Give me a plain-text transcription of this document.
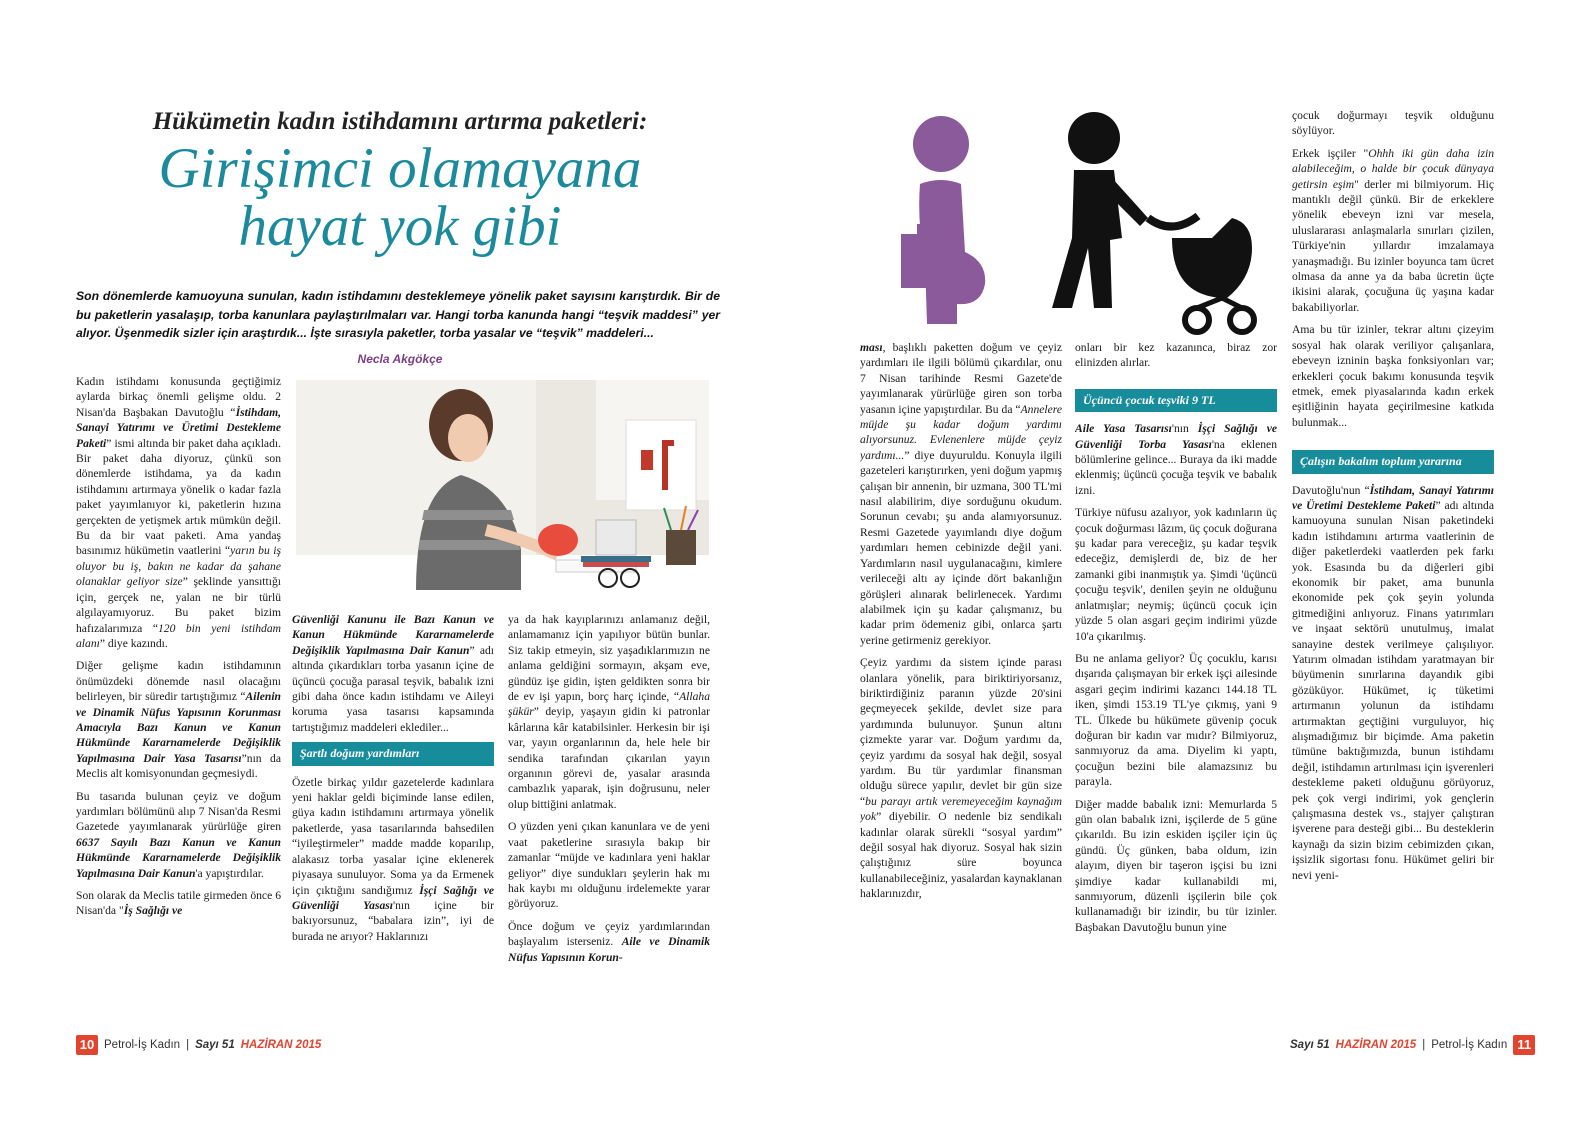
Hükümetin kadın istihdamını artırma paketleri:
Girişimci olamayana
hayat yok gibi
Son dönemlerde kamuoyuna sunulan, kadın istihdamını desteklemeye yönelik paket sayısını karıştırdık. Bir de bu paketlerin yasalaşıp, torba kanunlara paylaştırılmaları var. Hangi torba kanunda hangi “teşvik maddesi” yer alıyor. Üşenmedik sizler için araştırdık... İşte sırasıyla paketler, torba yasalar ve “teşvik” maddeleri...
Necla Akgökçe

Kadın istihdamı konusunda geçtiğimiz aylarda birkaç önemli gelişme oldu. 2 Nisan'da Başbakan Davutoğlu “İstihdam, Sanayi Yatırımı ve Üretimi Destekleme Paketi” ismi altında bir paket daha açıkladı. Bir paket daha diyoruz, çünkü son dönemlerde istihdama, ya da kadın istihdamını artırmaya yönelik o kadar fazla paket yayımlanıyor ki, paketlerin hızına gerçekten de yetişmek artık mümkün değil. Bu da bir vaat paketi. Ama yandaş basınımız hükümetin vaatlerini “yarın bu iş oluyor bu iş, bakın ne kadar da şahane olanaklar geliyor size” şeklinde yansıttığı için, gerçek ne, yalan ne bir türlü algılayamıyoruz. Bu paket bizim hafızalarımıza “120 bin yeni istihdam alanı” diye kazındı.

Diğer gelişme kadın istihdamının önümüzdeki dönemde nasıl olacağını belirleyen, bir süredir tartıştığımız “Ailenin ve Dinamik Nüfus Yapısının Korunması Amacıyla Bazı Kanun ve Kanun Hükmünde Kararnamelerde Değişiklik Yapılmasına Dair Yasa Tasarısı”nın da Meclis alt komisyonundan geçmesiydi.

Bu tasarıda bulunan çeyiz ve doğum yardımları bölümünü alıp 7 Nisan'da Resmi Gazetede yayımlanarak yürürlüğe giren 6637 Sayılı Bazı Kanun ve Kanun Hükmünde Kararnamelerde Değişiklik Yapılmasına Dair Kanun'a yapıştırdılar.

Son olarak da Meclis tatile girmeden önce 6 Nisan'da "İş Sağlığı ve

Güvenliği Kanunu ile Bazı Kanun ve Kanun Hükmünde Kararnamelerde Değişiklik Yapılmasına Dair Kanun” adı altında çıkardıkları torba yasanın içine de üçüncü çocuğa parasal teşvik, babalık izni gibi daha önce kadın istihdamı ve Aileyi koruma yasa tasarısı kapsamında tartıştığımız maddeleri eklediler...

Şartlı doğum yardımları

Özetle birkaç yıldır gazetelerde kadınlara yeni haklar geldi biçiminde lanse edilen, güya kadın istihdamını artırmaya yönelik paketlerde, yasa tasarılarında bahsedilen “iyileştirmeler” madde madde koparılıp, alakasız torba yasalar içine eklenerek piyasaya sunuluyor. Soma ya da Ermenek için çıktığını sandığımız İşçi Sağlığı ve Güvenliği Yasası'nın içine bir bakıyorsunuz, “babalara izin”, iyi de burada ne arıyor? Haklarınızı

ya da hak kayıplarınızı anlamanız değil, anlamamanız için yapılıyor bütün bunlar. Siz takip etmeyin, siz yaşadıklarımızın ne anlama geldiğini sormayın, akşam eve, gündüz işe gidin, işten geldikten sonra bir de ev işi yapın, borç harç içinde, “Allaha şükür” deyip, yaşayın gidin ki patronlar kârlarına kâr katabilsinler. Herkesin bir işi var, yayın organlarının da, hele hele bir sendika tarafından çıkarılan yayın organının görevi de, yasalar arasında cambazlık yaparak, işin doğrusunu, neler olup bittiğini anlatmak.

O yüzden yeni çıkan kanunlara ve de yeni vaat paketlerine sırasıyla bakıp bir zamanlar “müjde ve kadınlara yeni haklar geliyor” diye sundukları şeylerin hak mı hak kaybı mı olduğunu irdelemekte yarar görüyoruz.

Önce doğum ve çeyiz yardımlarından başlayalım isterseniz. Aile ve Dinamik Nüfus Yapısının Korun-

ması, başlıklı paketten doğum ve çeyiz yardımları ile ilgili bölümü çıkardılar, onu 7 Nisan tarihinde Resmi Gazete'de yayımlanarak yürürlüğe giren son torba yasanın içine yapıştırdılar. Bu da “Annelere müjde şu kadar doğum yardımı alıyorsunuz. Evlenenlere müjde çeyiz yardımı...” diye duyuruldu. Konuyla ilgili gazeteleri karıştırırken, yeni doğum yapmış çalışan bir annenin, bir uzmana, 300 TL'mi nasıl alabilirim, diye sorduğunu okudum. Sorunun cevabı; şu anda alamıyorsunuz. Resmi Gazetede yayımlandı diye doğum yardımları hemen cebinizde değil yani. Yardımların nasıl uygulanacağını, kimlere verileceği altı ay içinde dört bakanlığın görüşleri alınarak belirlenecek. Yardımı alabilmek için şu kadar çalışmanız, bu kadar prim ödemeniz gibi, onlarca şartı yerine getirmeniz gerekiyor.

Çeyiz yardımı da sistem içinde parası olanlara yönelik, para biriktiriyorsanız, biriktirdiğiniz paranın yüzde 20'sini geçmeyecek şekilde, devlet size para yardımında bulunuyor. Şunun altını çizmekte yarar var. Doğum yardımı da, çeyiz yardımı da sosyal hak değil, sosyal yardım. Bu tür yardımlar finansman olduğu sürece yapılır, devlet bir gün size “bu parayı artık veremeyeceğim kaynağım yok” diyebilir. O nedenle biz sendikalı kadınlar olarak sürekli “sosyal yardım” değil sosyal hak diyoruz. Sosyal hak sizin çalıştığınız süre boyunca kullanabileceğiniz, yasalardan kaynaklanan haklarınızdır,

onları bir kez kazanınca, biraz zor elinizden alırlar.

Üçüncü çocuk teşviki 9 TL

Aile Yasa Tasarısı'nın İşçi Sağlığı ve Güvenliği Torba Yasası'na eklenen bölümlerine gelince... Buraya da iki madde eklenmiş; üçüncü çocuğa teşvik ve babalık izni.

Türkiye nüfusu azalıyor, yok kadınların üç çocuk doğurması lâzım, üç çocuk doğurana şu kadar para vereceğiz, şu kadar teşvik edeceğiz, demişlerdi de, biz de her zamanki gibi inanmıştık ya. Şimdi 'üçüncü çocuğu teşvik', denilen şeyin ne olduğunu anlatmışlar; neymiş; üçüncü çocuk için yüzde 5 olan asgari geçim indirimi yüzde 10'a çıkarılmış.

Bu ne anlama geliyor? Üç çocuklu, karısı dışarıda çalışmayan bir erkek işçi ailesinde asgari geçim indirimi kazancı 144.18 TL iken, şimdi 153.19 TL'ye çıkmış, yani 9 TL. Ülkede bu hükümete güvenip çocuk doğuran bir kadın var mıdır? Bilmiyoruz, sanmıyoruz da ama. Diyelim ki yaptı, çocuğun bezini bile alamazsınız bu parayla.

Diğer madde babalık izni: Memurlarda 5 gün olan babalık izni, işçilerde de 5 güne çıkarıldı. Bu izin eskiden işçiler için üç gündü. Üç günken, baba oldum, izin alayım, diyen bir taşeron işçisi bu izni şimdiye kadar kullanabildi mi, sanmıyorum, düzenli işçilerin bile çok kullanamadığı bir izindir, bu tür izinler. Başbakan Davutoğlu bunun yine

çocuk doğurmayı teşvik olduğunu söylüyor.

Erkek işçiler "Ohhh iki gün daha izin alabileceğim, o halde bir çocuk dünyaya getirsin eşim" derler mi bilmiyorum. Hiç mantıklı değil çünkü. Bir de erkeklere yönelik ebeveyn izni var mesela, uluslararası anlaşmalarla sınırları çizilen, Türkiye'nin yıllardır imzalamaya yanaşmadığı. Bu izinler boyunca tam ücret olmasa da anne ya da baba ücretin üçte ikisini alarak, çocuğuna üç yaşına kadar bakabiliyorlar.

Ama bu tür izinler, tekrar altını çizeyim sosyal hak olarak veriliyor çalışanlara, ebeveyn izninin başka fonksiyonları var; erkekleri çocuk bakımı konusunda teşvik etmek, emek piyasalarında kadın erkek eşitliğinin hayata geçirilmesine katkıda bulunmak...

Çalışın bakalım toplum yararına

Davutoğlu'nun “İstihdam, Sanayi Yatırımı ve Üretimi Destekleme Paketi” adı altında kamuoyuna sunulan Nisan paketindeki kadın istihdamını artırma vaatlerinin de diğer paketlerdeki vaatlerden pek farkı yok. Esasında bu da diğerleri gibi ekonomik bir paket, ama bununla ekonomide pek çok şeyin yolunda gitmediğini anlıyoruz. Finans yatırımları ve inşaat sektörü unutulmuş, imalat sanayine destek verilmeye çalışılıyor. Yatırım olmadan istihdam yaratmayan bir büyümenin sınırlarına dayandık gibi gözüküyor. Hükümet, iç tüketimi artırmanın yolunun da istihdamı artırmaktan geçtiğini vurguluyor, hiç alışmadığımız bir biçimde. Ama paketin tümüne baktığımızda, bunun istihdamı değil, istihdamın artırılması için işverenleri destekleme paketi olduğunu görüyoruz, pek çok vergi indirimi, yok gençlerin çalışmasına destek vs., stajyer çalıştıran işverene para desteği gibi... Bu desteklerin kaynağı da sizin bizim cebimizden çıkan, işsizlik sigortası fonu. Hükümet geliri bir nevi yeni-

10 Petrol-İş Kadın | Sayı 51 HAZİRAN 2015	Sayı 51 HAZİRAN 2015 | Petrol-İş Kadın 11
